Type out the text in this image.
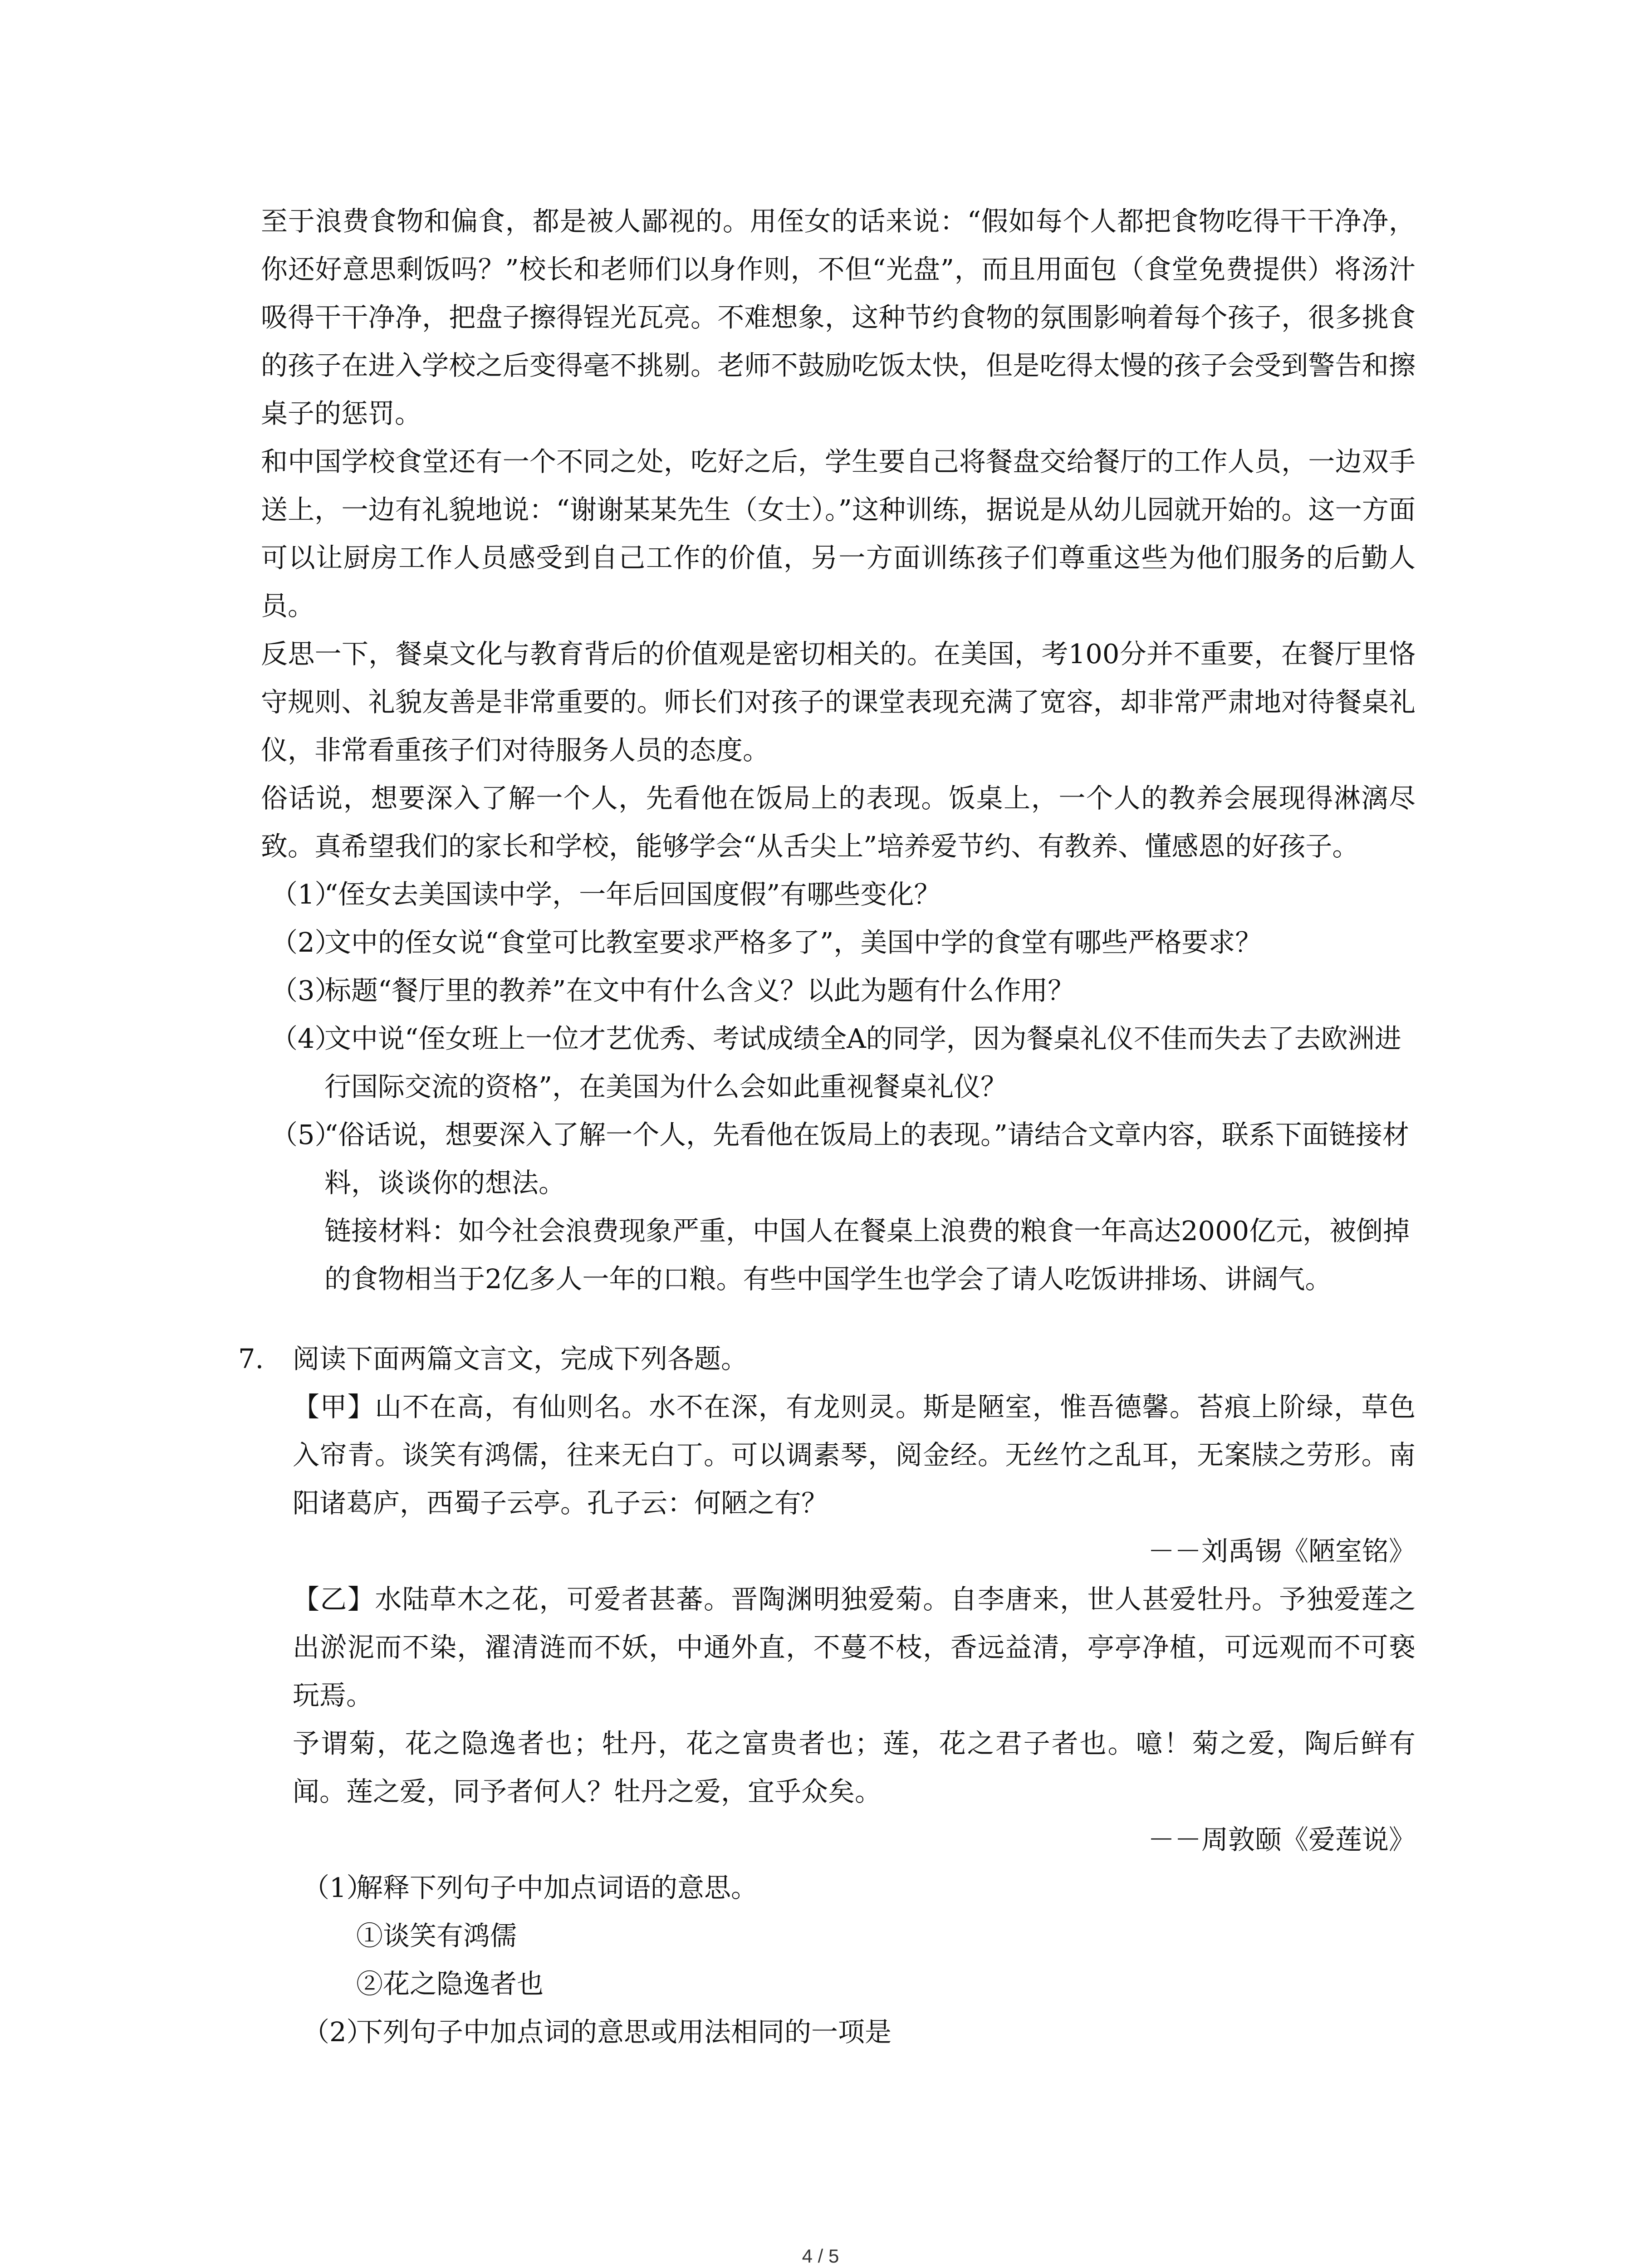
至于浪费食物和偏食，都是被人鄙视的。用侄女的话来说：“假如每个人都把食物吃得干干净净，你还好意思剩饭吗？”校长和老师们以身作则，不但“光盘”，而且用面包（食堂免费提供）将汤汁吸得干干净净，把盘子擦得锃光瓦亮。不难想象，这种节约食物的氛围影响着每个孩子，很多挑食的孩子在进入学校之后变得毫不挑剔。老师不鼓励吃饭太快，但是吃得太慢的孩子会受到警告和擦桌子的惩罚。

和中国学校食堂还有一个不同之处，吃好之后，学生要自己将餐盘交给餐厅的工作人员，一边双手送上，一边有礼貌地说：“谢谢某某先生（女士）。”这种训练，据说是从幼儿园就开始的。这一方面可以让厨房工作人员感受到自己工作的价值，另一方面训练孩子们尊重这些为他们服务的后勤人员。

反思一下，餐桌文化与教育背后的价值观是密切相关的。在美国，考100分并不重要，在餐厅里恪守规则、礼貌友善是非常重要的。师长们对孩子的课堂表现充满了宽容，却非常严肃地对待餐桌礼仪，非常看重孩子们对待服务人员的态度。

俗话说，想要深入了解一个人，先看他在饭局上的表现。饭桌上，一个人的教养会展现得淋漓尽致。真希望我们的家长和学校，能够学会“从舌尖上”培养爱节约、有教养、懂感恩的好孩子。

（1）
“侄女去美国读中学，一年后回国度假”有哪些变化？

（2）
文中的侄女说“食堂可比教室要求严格多了”，美国中学的食堂有哪些严格要求？

（3）
标题“餐厅里的教养”在文中有什么含义？以此为题有什么作用？

（4）
文中说“侄女班上一位才艺优秀、考试成绩全A的同学，因为餐桌礼仪不佳而失去了去欧洲进行国际交流的资格”，在美国为什么会如此重视餐桌礼仪？

（5）
“俗话说，想要深入了解一个人，先看他在饭局上的表现。”请结合文章内容，联系下面链接材料，谈谈你的想法。

链接材料：如今社会浪费现象严重，中国人在餐桌上浪费的粮食一年高达2000亿元，被倒掉的食物相当于2亿多人一年的口粮。有些中国学生也学会了请人吃饭讲排场、讲阔气。

7. 阅读下面两篇文言文，完成下列各题。

【甲】山不在高，有仙则名。水不在深，有龙则灵。斯是陋室，惟吾德馨。苔痕上阶绿，草色入帘青。谈笑有鸿儒，往来无白丁。可以调素琴，阅金经。无丝竹之乱耳，无案牍之劳形。南阳诸葛庐，西蜀子云亭。孔子云：何陋之有？

－－刘禹锡《陋室铭》

【乙】水陆草木之花，可爱者甚蕃。晋陶渊明独爱菊。自李唐来，世人甚爱牡丹。予独爱莲之出淤泥而不染，濯清涟而不妖，中通外直，不蔓不枝，香远益清，亭亭净植，可远观而不可亵玩焉。

予谓菊，花之隐逸者也；牡丹，花之富贵者也；莲，花之君子者也。噫！菊之爱，陶后鲜有闻。莲之爱，同予者何人？牡丹之爱，宜乎众矣。

－－周敦颐《爱莲说》

（1）
解释下列句子中加点词语的意思。

①谈笑有鸿儒

②花之隐逸者也

（2）
下列句子中加点词的意思或用法相同的一项是

4 / 5
